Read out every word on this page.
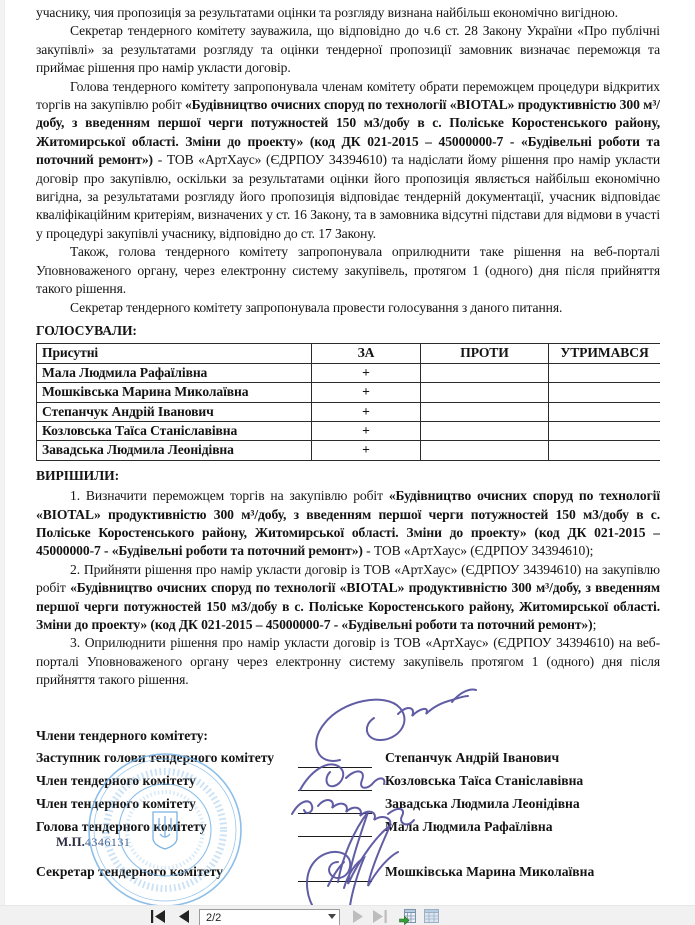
учаснику, чия пропозиція за результатами оцінки та розгляду визнана найбільш економічно вигідною.

Секретар тендерного комітету зауважила, що відповідно до ч.6 ст. 28 Закону України «Про публічні закупівлі» за результатами розгляду та оцінки тендерної пропозиції замовник визначає переможця та приймає рішення про намір укласти договір.

Голова тендерного комітету запропонувала членам комітету обрати переможцем процедури відкритих торгів на закупівлю робіт «Будівництво очисних споруд по технології «BIOTAL» продуктивністю 300 м³/добу, з введенням першої черги потужностей 150 м3/добу в с. Поліське Коростенського району, Житомирської області. Зміни до проекту» (код ДК 021-2015 – 45000000-7 - «Будівельні роботи та поточний ремонт») - ТОВ «АртХаус» (ЄДРПОУ 34394610) та надіслати йому рішення про намір укласти договір про закупівлю, оскільки за результатами оцінки його пропозиція являється найбільш економічно вигідна, за результатами розгляду його пропозиція відповідає тендерній документації, учасник відповідає кваліфікаційним критеріям, визначених у ст. 16 Закону, та в замовника відсутні підстави для відмови в участі у процедурі закупівлі учаснику, відповідно до ст. 17 Закону.

Також, голова тендерного комітету запропонувала оприлюднити таке рішення на веб-порталі Уповноваженого органу, через електронну систему закупівель, протягом 1 (одного) дня після прийняття такого рішення.

Секретар тендерного комітету запропонувала провести голосування з даного питання.

ГОЛОСУВАЛИ:

Присутні	ЗА	ПРОТИ	УТРИМАВСЯ
Мала Людмила Рафаїлівна	+		
Мошківська Марина Миколаївна	+		
Степанчук Андрій Іванович	+		
Козловська Таїса Станіславівна	+		
Завадська Людмила Леонідівна	+		

ВИРІШИЛИ:

1. Визначити переможцем торгів на закупівлю робіт «Будівництво очисних споруд по технології «BIOTAL» продуктивністю 300 м³/добу, з введенням першої черги потужностей 150 м3/добу в с. Поліське Коростенського району, Житомирської області. Зміни до проекту» (код ДК 021-2015 – 45000000-7 - «Будівельні роботи та поточний ремонт») - ТОВ «АртХаус» (ЄДРПОУ 34394610);

2. Прийняти рішення про намір укласти договір із ТОВ «АртХаус» (ЄДРПОУ 34394610) на закупівлю робіт «Будівництво очисних споруд по технології «BIOTAL» продуктивністю 300 м³/добу, з введенням першої черги потужностей 150 м3/добу в с. Поліське Коростенського району, Житомирської області. Зміни до проекту» (код ДК 021-2015 – 45000000-7 - «Будівельні роботи та поточний ремонт»);

3. Оприлюднити рішення про намір укласти договір із ТОВ «АртХаус» (ЄДРПОУ 34394610) на веб-порталі Уповноваженого органу через електронну систему закупівель протягом 1 (одного) дня після прийняття такого рішення.

Члени тендерного комітету:
Заступник голови тендерного комітету	Степанчук Андрій Іванович
Член тендерного комітету	Козловська Таїса Станіславівна
Член тендерного комітету	Завадська Людмила Леонідівна
Голова тендерного комітету	Мала Людмила Рафаїлівна
Секретар тендерного комітету	Мошківська Марина Миколаївна
М.П.4346131
2/2
